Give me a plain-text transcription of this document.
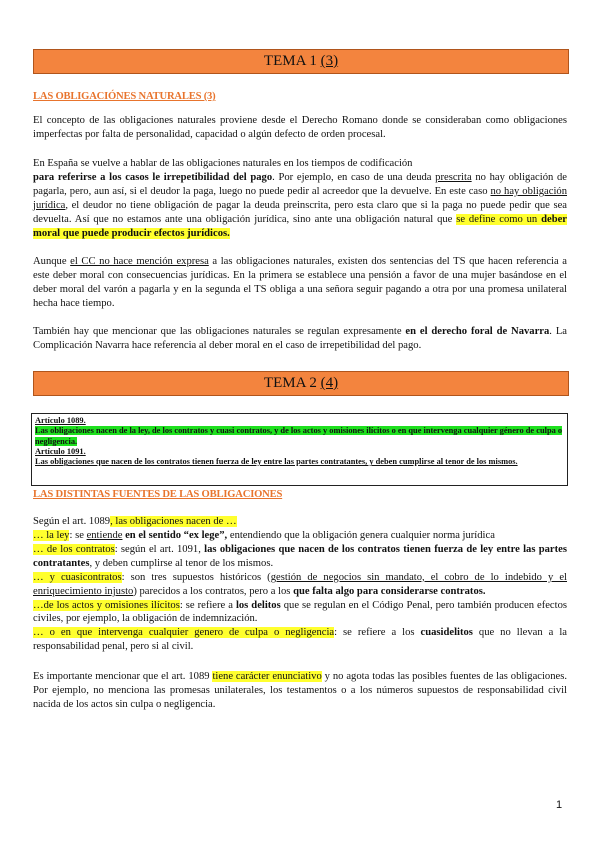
TEMA 1 (3)
LAS OBLIGACIÓNES NATURALES (3)

El concepto de las obligaciones naturales proviene desde el Derecho Romano donde se consideraban como obligaciones imperfectas por falta de personalidad, capacidad o algún defecto de orden procesal.

En España se vuelve a hablar de las obligaciones naturales en los tiempos de codificación
para referirse a los casos le irrepetibilidad del pago. Por ejemplo, en caso de una deuda prescrita no hay obligación de pagarla, pero, aun así, si el deudor la paga, luego no puede pedir al acreedor que la devuelve. En este caso no hay obligación jurídica, el deudor no tiene obligación de pagar la deuda preinscrita, pero esta claro que si la paga no puede pedir que sea devuelta. Así que no estamos ante una obligación jurídica, sino ante una obligación natural que se define como un deber moral que puede producir efectos jurídicos.

Aunque el CC no hace mención expresa a las obligaciones naturales, existen dos sentencias del TS que hacen referencia a este deber moral con consecuencias jurídicas. En la primera se establece una pensión a favor de una mujer basándose en el deber moral del varón a pagarla y en la segunda el TS obliga a una señora seguir pagando a otra por una promesa unilateral hecha hace tiempo.

También hay que mencionar que las obligaciones naturales se regulan expresamente en el derecho foral de Navarra. La Complicación Navarra hace referencia al deber moral en el caso de irrepetibilidad del pago.

TEMA 2 (4)

Artículo 1089.

Las obligaciones nacen de la ley, de los contratos y cuasi contratos, y de los actos y omisiones ilícitos o en que intervenga cualquier género de culpa o negligencia.

Artículo 1091.

Las obligaciones que nacen de los contratos tienen fuerza de ley entre las partes contratantes, y deben cumplirse al tenor de los mismos.

LAS DISTINTAS FUENTES DE LAS OBLIGACIONES

Según el art. 1089, las obligaciones nacen de …

… la ley: se entiende en el sentido “ex lege”, entendiendo que la obligación genera cualquier norma jurídica
… de los contratos: según el art. 1091, las obligaciones que nacen de los contratos tienen fuerza de ley entre las partes contratantes, y deben cumplirse al tenor de los mismos.
… y cuasicontratos: son tres supuestos históricos (gestión de negocios sin mandato, el cobro de lo indebido y el enriquecimiento injusto) parecidos a los contratos, pero a los que falta algo para considerarse contratos.
…de los actos y omisiones ilícitos: se refiere a los delitos que se regulan en el Código Penal, pero también producen efectos civiles, por ejemplo, la obligación de indemnización.
… o en que intervenga cualquier genero de culpa o negligencia: se refiere a los cuasidelitos que no llevan a la responsabilidad penal, pero si al civil.

Es importante mencionar que el art. 1089 tiene carácter enunciativo y no agota todas las posibles fuentes de las obligaciones. Por ejemplo, no menciona las promesas unilaterales, los testamentos o a los números supuestos de responsabilidad civil nacida de los actos sin culpa o negligencia.

1
